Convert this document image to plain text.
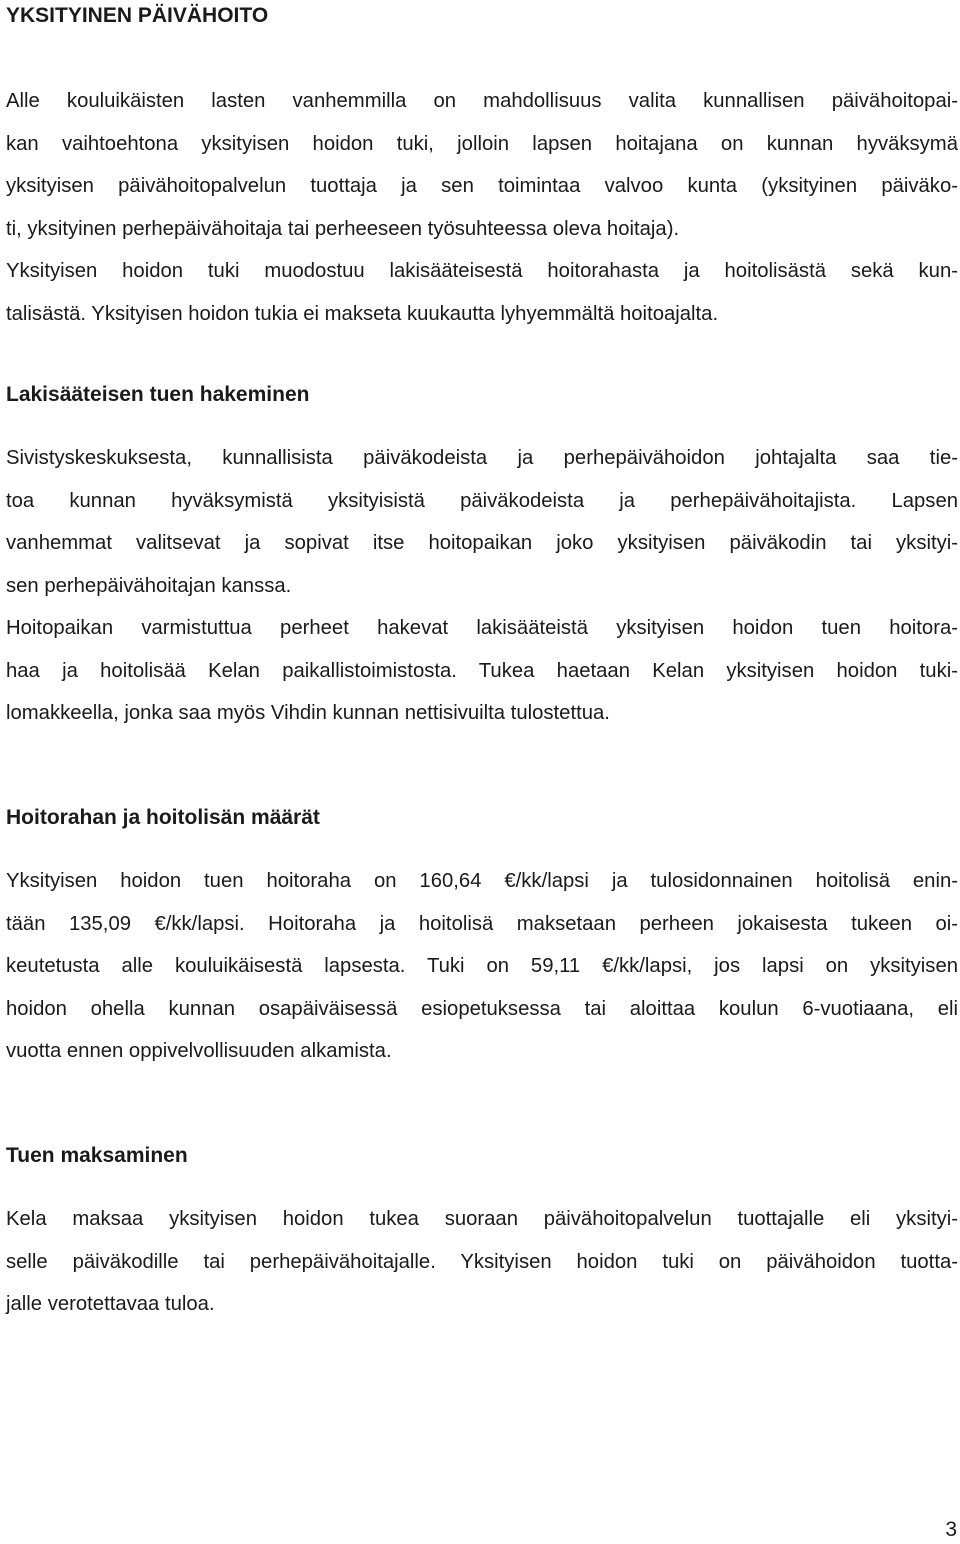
YKSITYINEN PÄIVÄHOITO
Alle kouluikäisten lasten vanhemmilla on mahdollisuus valita kunnallisen päivähoitopai-
kan vaihtoehtona yksityisen hoidon tuki, jolloin lapsen hoitajana on kunnan hyväksymä
yksityisen päivähoitopalvelun tuottaja ja sen toimintaa valvoo kunta (yksityinen päiväko-
ti, yksityinen perhepäivähoitaja tai perheeseen työsuhteessa oleva hoitaja).
Yksityisen hoidon tuki muodostuu lakisääteisestä hoitorahasta ja hoitolisästä sekä kun-
talisästä. Yksityisen hoidon tukia ei makseta kuukautta lyhyemmältä hoitoajalta.
Lakisääteisen tuen hakeminen
Sivistyskeskuksesta, kunnallisista päiväkodeista ja perhepäivähoidon johtajalta saa tie-
toa kunnan hyväksymistä yksityisistä päiväkodeista ja perhepäivähoitajista. Lapsen
vanhemmat valitsevat ja sopivat itse hoitopaikan joko yksityisen päiväkodin tai yksityi-
sen perhepäivähoitajan kanssa.
Hoitopaikan varmistuttua perheet hakevat lakisääteistä yksityisen hoidon tuen hoitora-
haa ja hoitolisää Kelan paikallistoimistosta. Tukea haetaan Kelan yksityisen hoidon tuki-
lomakkeella, jonka saa myös Vihdin kunnan nettisivuilta tulostettua.
Hoitorahan ja hoitolisän määrät
Yksityisen hoidon tuen hoitoraha on 160,64 €/kk/lapsi ja tulosidonnainen hoitolisä enin-
tään 135,09 €/kk/lapsi. Hoitoraha ja hoitolisä maksetaan perheen jokaisesta tukeen oi-
keutetusta alle kouluikäisestä lapsesta. Tuki on 59,11 €/kk/lapsi, jos lapsi on yksityisen
hoidon ohella kunnan osapäiväisessä esiopetuksessa tai aloittaa koulun 6-vuotiaana, eli
vuotta ennen oppivelvollisuuden alkamista.
Tuen maksaminen
Kela maksaa yksityisen hoidon tukea suoraan päivähoitopalvelun tuottajalle eli yksityi-
selle päiväkodille tai perhepäivähoitajalle. Yksityisen hoidon tuki on päivähoidon tuotta-
jalle verotettavaa tuloa.
3
